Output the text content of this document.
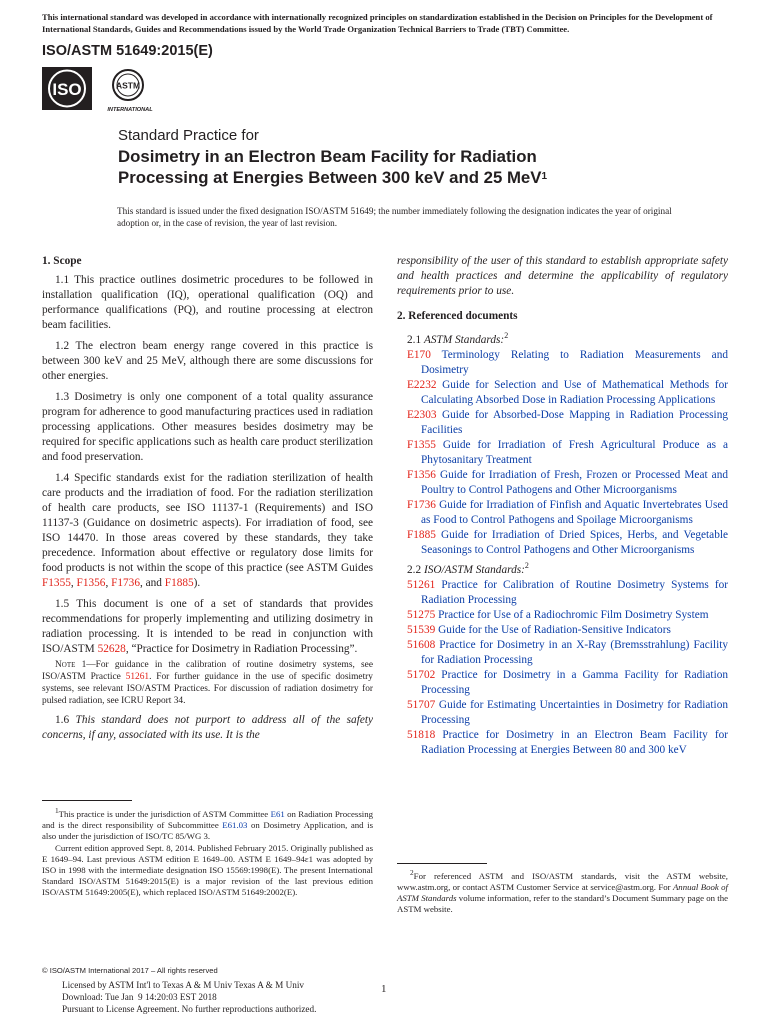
This international standard was developed in accordance with internationally recognized principles on standardization established in the Decision on Principles for the Development of International Standards, Guides and Recommendations issued by the World Trade Organization Technical Barriers to Trade (TBT) Committee.
ISO/ASTM 51649:2015(E)
ISO	ASTM
INTERNATIONAL
Standard Practice for
Dosimetry in an Electron Beam Facility for Radiation
Processing at Energies Between 300 keV and 25 MeV$^1$
This standard is issued under the fixed designation ISO/ASTM 51649; the number immediately following the designation indicates the year of original adoption or, in the case of revision, the year of last revision.
1. Scope

1.1 This practice outlines dosimetric procedures to be followed in installation qualification (IQ), operational qualification (OQ) and performance qualifications (PQ), and routine processing at electron beam facilities.

1.2 The electron beam energy range covered in this practice is between 300 keV and 25 MeV, although there are some discussions for other energies.

1.3 Dosimetry is only one component of a total quality assurance program for adherence to good manufacturing practices used in radiation processing applications. Other measures besides dosimetry may be required for specific applications such as health care product sterilization and food preservation.

1.4 Specific standards exist for the radiation sterilization of health care products and the irradiation of food. For the radiation sterilization of health care products, see ISO 11137-1 (Requirements) and ISO 11137-3 (Guidance on dosimetric aspects). For irradiation of food, see ISO 14470. In those areas covered by these standards, they take precedence. Information about effective or regulatory dose limits for food products is not within the scope of this practice (see ASTM Guides F1355, F1356, F1736, and F1885).

1.5 This document is one of a set of standards that provides recommendations for properly implementing and utilizing dosimetry in radiation processing. It is intended to be read in conjunction with ISO/ASTM 52628, “Practice for Dosimetry in Radiation Processing”.

Note 1—For guidance in the calibration of routine dosimetry systems, see ISO/ASTM Practice 51261. For further guidance in the use of specific dosimetry systems, see relevant ISO/ASTM Practices. For discussion of radiation dosimetry for pulsed radiation, see ICRU Report 34.

1.6 This standard does not purport to address all of the safety concerns, if any, associated with its use. It is the

$^1$This practice is under the jurisdiction of ASTM Committee E61 on Radiation Processing and is the direct responsibility of Subcommittee E61.03 on Dosimetry Application, and is also under the jurisdiction of ISO/TC 85/WG 3.

Current edition approved Sept. 8, 2014. Published February 2015. Originally published as E 1649–94. Last previous ASTM edition E 1649–00. ASTM E 1649–94ε1 was adopted by ISO in 1998 with the intermediate designation ISO 15569:1998(E). The present International Standard ISO/ASTM 51649:2015(E) is a major revision of the last previous edition ISO/ASTM 51649:2005(E), which replaced ISO/ASTM 51649:2002(E).

responsibility of the user of this standard to establish appropriate safety and health practices and determine the applicability of regulatory requirements prior to use.

2. Referenced documents

2.1 ASTM Standards:$^2$

E170 Terminology Relating to Radiation Measurements and Dosimetry

E2232 Guide for Selection and Use of Mathematical Methods for Calculating Absorbed Dose in Radiation Processing Applications

E2303 Guide for Absorbed-Dose Mapping in Radiation Processing Facilities

F1355 Guide for Irradiation of Fresh Agricultural Produce as a Phytosanitary Treatment

F1356 Guide for Irradiation of Fresh, Frozen or Processed Meat and Poultry to Control Pathogens and Other Microorganisms

F1736 Guide for Irradiation of Finfish and Aquatic Invertebrates Used as Food to Control Pathogens and Spoilage Microorganisms

F1885 Guide for Irradiation of Dried Spices, Herbs, and Vegetable Seasonings to Control Pathogens and Other Microorganisms

2.2 ISO/ASTM Standards:$^2$

51261 Practice for Calibration of Routine Dosimetry Systems for Radiation Processing

51275 Practice for Use of a Radiochromic Film Dosimetry System

51539 Guide for the Use of Radiation-Sensitive Indicators

51608 Practice for Dosimetry in an X-Ray (Bremsstrahlung) Facility for Radiation Processing

51702 Practice for Dosimetry in a Gamma Facility for Radiation Processing

51707 Guide for Estimating Uncertainties in Dosimetry for Radiation Processing

51818 Practice for Dosimetry in an Electron Beam Facility for Radiation Processing at Energies Between 80 and 300 keV

$^2$For referenced ASTM and ISO/ASTM standards, visit the ASTM website, www.astm.org, or contact ASTM Customer Service at service@astm.org. For Annual Book of ASTM Standards volume information, refer to the standard’s Document Summary page on the ASTM website.

© ISO/ASTM International 2017 – All rights reserved
Licensed by ASTM Int'l to Texas A & M Univ Texas A & M Univ
Download: Tue Jan  9 14:20:03 EST 2018
Pursuant to License Agreement. No further reproductions authorized.
1
